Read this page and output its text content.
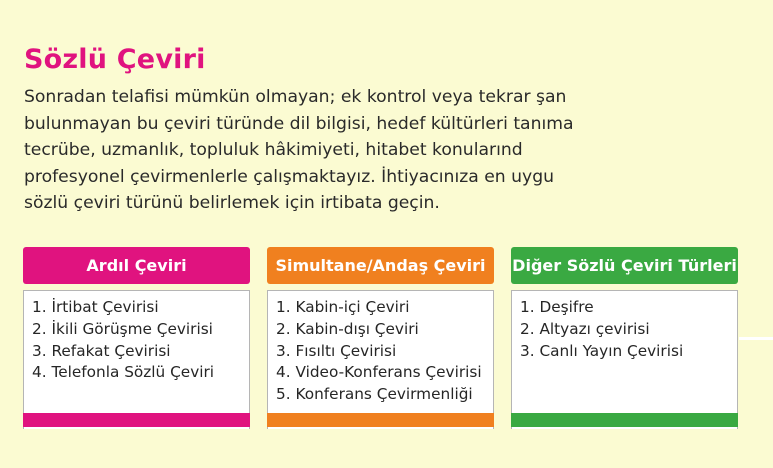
Sözlü Çeviri
Sonradan telafisi mümkün olmayan; ek kontrol veya tekrar şan
bulunmayan bu çeviri türünde dil bilgisi, hedef kültürleri tanıma
tecrübe, uzmanlık, topluluk hâkimiyeti, hitabet konularınd
profesyonel çevirmenlerle çalışmaktayız. İhtiyacınıza en uygu
sözlü çeviri türünü belirlemek için irtibata geçin.
Ardıl Çeviri
1. İrtibat Çevirisi
2. İkili Görüşme Çevirisi
3. Refakat Çevirisi
4. Telefonla Sözlü Çeviri
Simultane/Andaş Çeviri
1. Kabin-içi Çeviri
2. Kabin-dışı Çeviri
3. Fısıltı Çevirisi
4. Video-Konferans Çevirisi
5. Konferans Çevirmenliği
Diğer Sözlü Çeviri Türleri
1. Deşifre
2. Altyazı çevirisi
3. Canlı Yayın Çevirisi
